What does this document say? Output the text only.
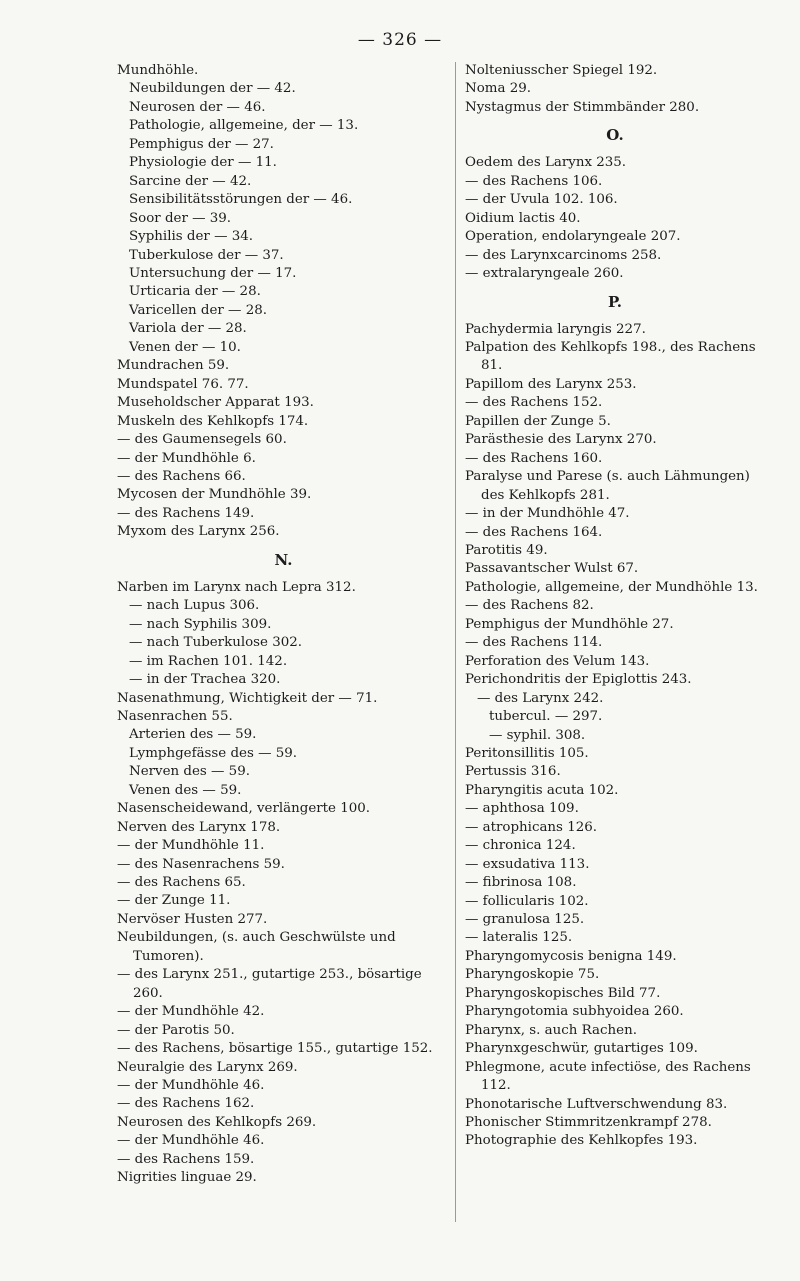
— 326 —
Mundhöhle.
Neubildungen der — 42.
Neurosen der — 46.
Pathologie, allgemeine, der — 13.
Pemphigus der — 27.
Physiologie der — 11.
Sarcine der — 42.
Sensibilitätsstörungen der — 46.
Soor der — 39.
Syphilis der — 34.
Tuberkulose der — 37.
Untersuchung der — 17.
Urticaria der — 28.
Varicellen der — 28.
Variola der — 28.
Venen der — 10.
Mundrachen 59.
Mundspatel 76. 77.
Museholdscher Apparat 193.
Muskeln des Kehlkopfs 174.
— des Gaumensegels 60.
— der Mundhöhle 6.
— des Rachens 66.
Mycosen der Mundhöhle 39.
— des Rachens 149.
Myxom des Larynx 256.
N.
Narben im Larynx nach Lepra 312.
— nach Lupus 306.
— nach Syphilis 309.
— nach Tuberkulose 302.
— im Rachen 101. 142.
— in der Trachea 320.
Nasenathmung, Wichtigkeit der — 71.
Nasenrachen 55.
Arterien des — 59.
Lymphgefässe des — 59.
Nerven des — 59.
Venen des — 59.
Nasenscheidewand, verlängerte 100.
Nerven des Larynx 178.
— der Mundhöhle 11.
— des Nasenrachens 59.
— des Rachens 65.
— der Zunge 11.
Nervöser Husten 277.
Neubildungen, (s. auch Geschwülste und Tumoren).
— des Larynx 251., gutartige 253., bösartige 260.
— der Mundhöhle 42.
— der Parotis 50.
— des Rachens, bösartige 155., gutartige 152.
Neuralgie des Larynx 269.
— der Mundhöhle 46.
— des Rachens 162.
Neurosen des Kehlkopfs 269.
— der Mundhöhle 46.
— des Rachens 159.
Nigrities linguae 29.
Nolteniusscher Spiegel 192.
Noma 29.
Nystagmus der Stimmbänder 280.
O.
Oedem des Larynx 235.
— des Rachens 106.
— der Uvula 102. 106.
Oidium lactis 40.
Operation, endolaryngeale 207.
— des Larynxcarcinoms 258.
— extralaryngeale 260.
P.
Pachydermia laryngis 227.
Palpation des Kehlkopfs 198., des Rachens 81.
Papillom des Larynx 253.
— des Rachens 152.
Papillen der Zunge 5.
Parästhesie des Larynx 270.
— des Rachens 160.
Paralyse und Parese (s. auch Lähmungen) des Kehlkopfs 281.
— in der Mundhöhle 47.
— des Rachens 164.
Parotitis 49.
Passavantscher Wulst 67.
Pathologie, allgemeine, der Mundhöhle 13.
— des Rachens 82.
Pemphigus der Mundhöhle 27.
— des Rachens 114.
Perforation des Velum 143.
Perichondritis der Epiglottis 243.
— des Larynx 242.
tubercul. — 297.
— syphil. 308.
Peritonsillitis 105.
Pertussis 316.
Pharyngitis acuta 102.
— aphthosa 109.
— atrophicans 126.
— chronica 124.
— exsudativa 113.
— fibrinosa 108.
— follicularis 102.
— granulosa 125.
— lateralis 125.
Pharyngomycosis benigna 149.
Pharyngoskopie 75.
Pharyngoskopisches Bild 77.
Pharyngotomia subhyoidea 260.
Pharynx, s. auch Rachen.
Pharynxgeschwür, gutartiges 109.
Phlegmone, acute infectiöse, des Rachens 112.
Phonotarische Luftverschwendung 83.
Phonischer Stimmritzenkrampf 278.
Photographie des Kehlkopfes 193.
